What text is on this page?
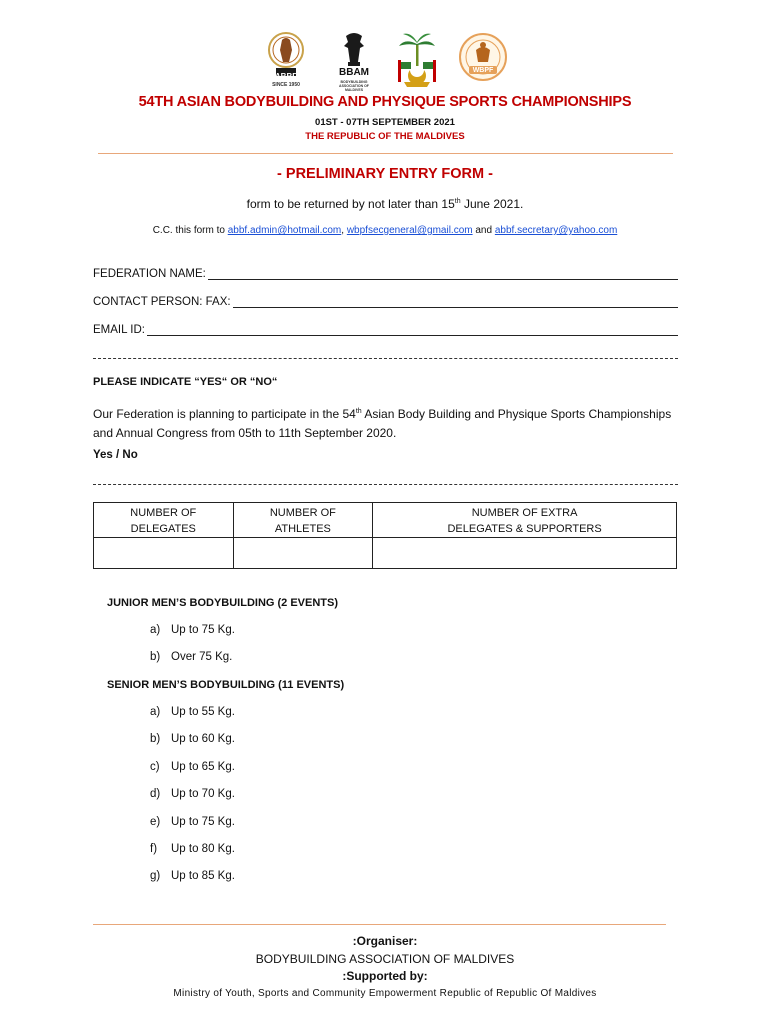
ABBF
SINCE 1950
BBAM
BODYBUILDING ASSOCIATION OF MALDIVES
WBPF
54TH ASIAN BODYBUILDING AND PHYSIQUE SPORTS CHAMPIONSHIPS
01ST - 07TH SEPTEMBER 2021
THE REPUBLIC OF THE MALDIVES
- PRELIMINARY ENTRY FORM -
form to be returned by not later than 15th June 2021.
C.C. this form to abbf.admin@hotmail.com, wbpfsecgeneral@gmail.com and abbf.secretary@yahoo.com
FEDERATION NAME:
CONTACT PERSON: FAX:
EMAIL ID:
PLEASE INDICATE “YES“ OR “NO“
Our Federation is planning to participate in the 54th Asian Body Building and Physique Sports Championships and Annual Congress from 05th to 11th September 2020.
Yes / No
NUMBER OF
DELEGATES	NUMBER OF
ATHLETES	NUMBER OF EXTRA
DELEGATES & SUPPORTERS

JUNIOR MEN’S BODYBUILDING (2 EVENTS)
a) Up to 75 Kg.
b) Over 75 Kg.
SENIOR MEN’S BODYBUILDING (11 EVENTS)
a) Up to 55 Kg.
b) Up to 60 Kg.
c) Up to 65 Kg.
d) Up to 70 Kg.
e) Up to 75 Kg.
f) Up to 80 Kg.
g) Up to 85 Kg.
:Organiser:
BODYBUILDING ASSOCIATION OF MALDIVES
:Supported by:
Ministry of Youth, Sports and Community Empowerment Republic of Republic Of Maldives
